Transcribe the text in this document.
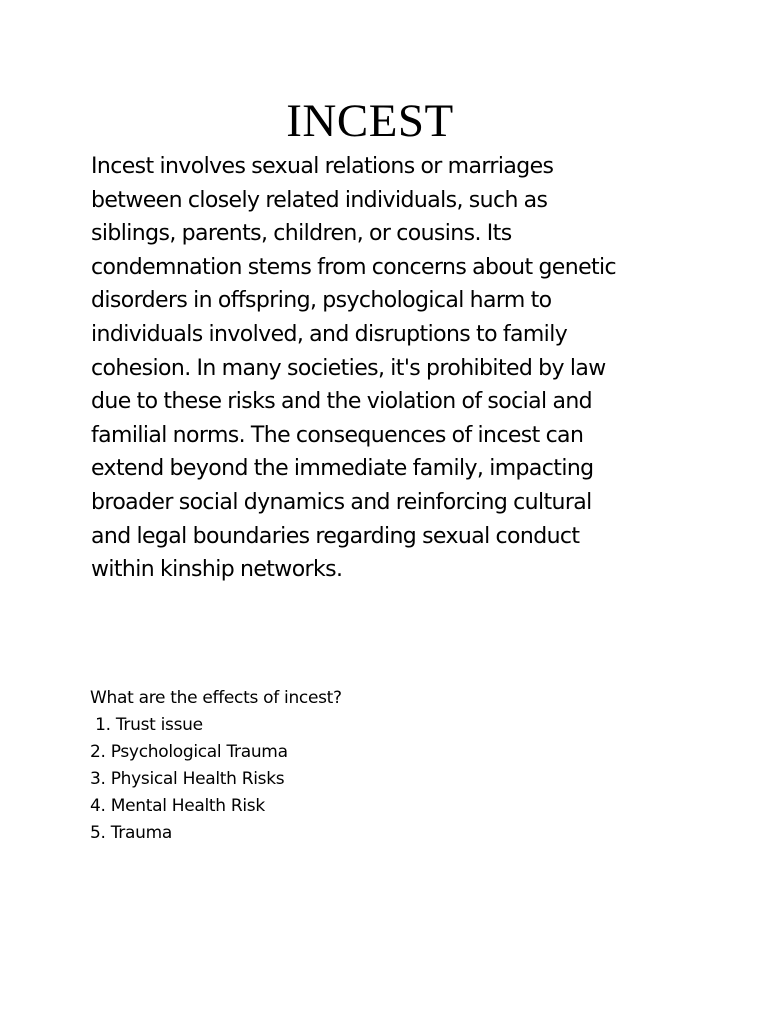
INCEST

Incest involves sexual relations or marriages
between closely related individuals, such as
siblings, parents, children, or cousins. Its
condemnation stems from concerns about genetic
disorders in offspring, psychological harm to
individuals involved, and disruptions to family
cohesion. In many societies, it's prohibited by law
due to these risks and the violation of social and
familial norms. The consequences of incest can
extend beyond the immediate family, impacting
broader social dynamics and reinforcing cultural
and legal boundaries regarding sexual conduct
within kinship networks.

What are the effects of incest?
1. Trust issue
2. Psychological Trauma
3. Physical Health Risks
4. Mental Health Risk
5. Trauma
